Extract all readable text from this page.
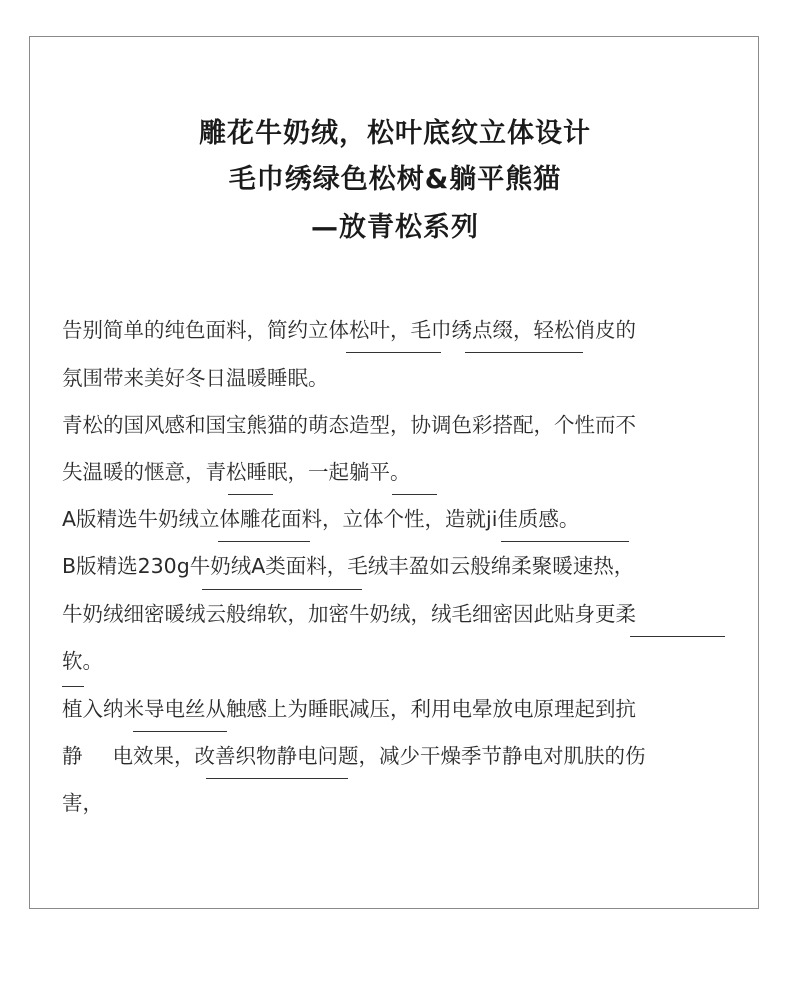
雕花牛奶绒，松叶底纹立体设计
毛巾绣绿色松树&躺平熊猫
—放青松系列
告别简单的纯色面料，简约立体松叶，毛巾绣点缀，轻松俏皮的
氛围带来美好冬日温暖睡眠。
青松的国风感和国宝熊猫的萌态造型，协调色彩搭配，个性而不
失温暖的惬意，青松睡眠，一起躺平。
A版精选牛奶绒立体雕花面料，立体个性，造就ji佳质感。
B版精选230g牛奶绒A类面料，毛绒丰盈如云般绵柔聚暖速热，
牛奶绒细密暖绒云般绵软，加密牛奶绒，绒毛细密因此贴身更柔
软。
植入纳米导电丝从触感上为睡眠减压，利用电晕放电原理起到抗
静 电效果，改善织物静电问题，减少干燥季节静电对肌肤的伤
害，
